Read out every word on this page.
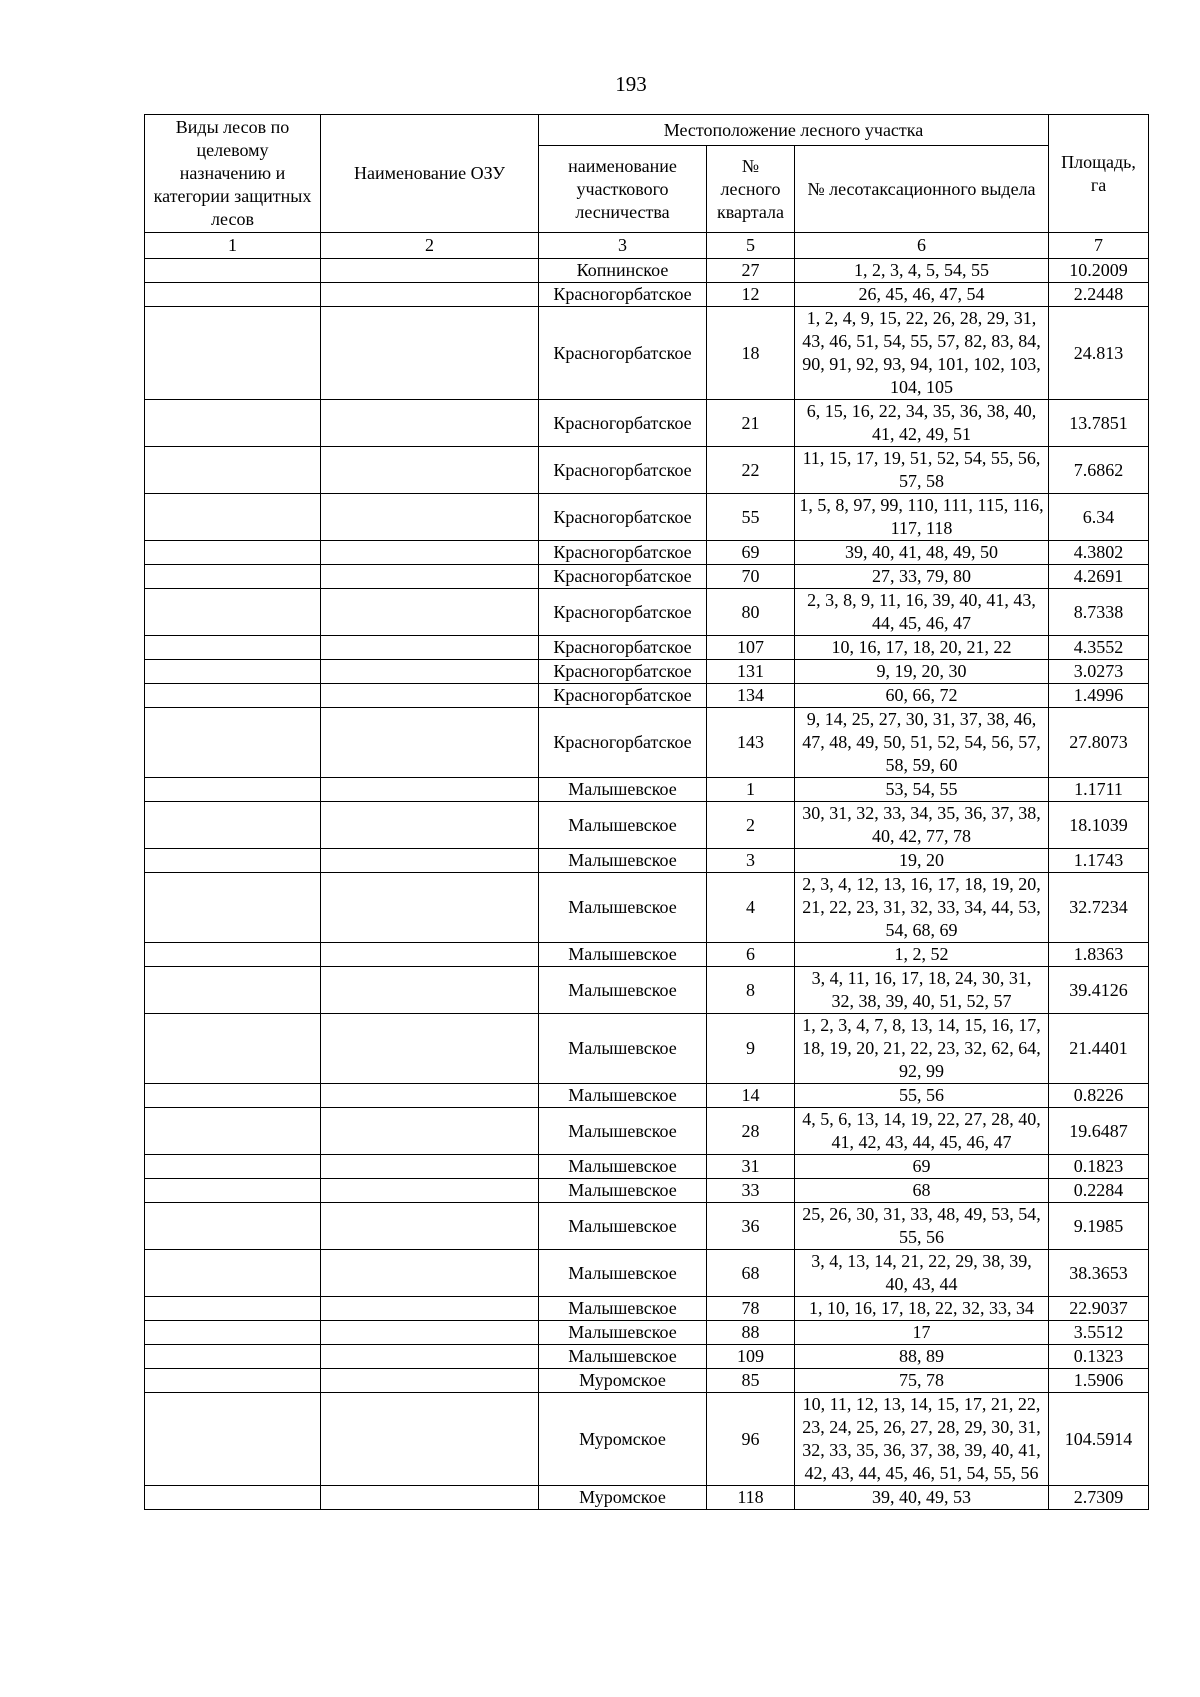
193
Виды лесов по целевому назначению и категории защитных лесов	Наименование ОЗУ	Местоположение лесного участка			Площадь, га
		наименование участкового лесничества	№ лесного квартала	№ лесотаксационного выдела	
1	2	3	5	6	7
		Копнинское	27	1, 2, 3, 4, 5, 54, 55	10.2009
		Красногорбатское	12	26, 45, 46, 47, 54	2.2448
		Красногорбатское	18	1, 2, 4, 9, 15, 22, 26, 28, 29, 31, 43, 46, 51, 54, 55, 57, 82, 83, 84, 90, 91, 92, 93, 94, 101, 102, 103, 104, 105	24.813
		Красногорбатское	21	6, 15, 16, 22, 34, 35, 36, 38, 40, 41, 42, 49, 51	13.7851
		Красногорбатское	22	11, 15, 17, 19, 51, 52, 54, 55, 56, 57, 58	7.6862
		Красногорбатское	55	1, 5, 8, 97, 99, 110, 111, 115, 116, 117, 118	6.34
		Красногорбатское	69	39, 40, 41, 48, 49, 50	4.3802
		Красногорбатское	70	27, 33, 79, 80	4.2691
		Красногорбатское	80	2, 3, 8, 9, 11, 16, 39, 40, 41, 43, 44, 45, 46, 47	8.7338
		Красногорбатское	107	10, 16, 17, 18, 20, 21, 22	4.3552
		Красногорбатское	131	9, 19, 20, 30	3.0273
		Красногорбатское	134	60, 66, 72	1.4996
		Красногорбатское	143	9, 14, 25, 27, 30, 31, 37, 38, 46, 47, 48, 49, 50, 51, 52, 54, 56, 57, 58, 59, 60	27.8073
		Малышевское	1	53, 54, 55	1.1711
		Малышевское	2	30, 31, 32, 33, 34, 35, 36, 37, 38, 40, 42, 77, 78	18.1039
		Малышевское	3	19, 20	1.1743
		Малышевское	4	2, 3, 4, 12, 13, 16, 17, 18, 19, 20, 21, 22, 23, 31, 32, 33, 34, 44, 53, 54, 68, 69	32.7234
		Малышевское	6	1, 2, 52	1.8363
		Малышевское	8	3, 4, 11, 16, 17, 18, 24, 30, 31, 32, 38, 39, 40, 51, 52, 57	39.4126
		Малышевское	9	1, 2, 3, 4, 7, 8, 13, 14, 15, 16, 17, 18, 19, 20, 21, 22, 23, 32, 62, 64, 92, 99	21.4401
		Малышевское	14	55, 56	0.8226
		Малышевское	28	4, 5, 6, 13, 14, 19, 22, 27, 28, 40, 41, 42, 43, 44, 45, 46, 47	19.6487
		Малышевское	31	69	0.1823
		Малышевское	33	68	0.2284
		Малышевское	36	25, 26, 30, 31, 33, 48, 49, 53, 54, 55, 56	9.1985
		Малышевское	68	3, 4, 13, 14, 21, 22, 29, 38, 39, 40, 43, 44	38.3653
		Малышевское	78	1, 10, 16, 17, 18, 22, 32, 33, 34	22.9037
		Малышевское	88	17	3.5512
		Малышевское	109	88, 89	0.1323
		Муромское	85	75, 78	1.5906
		Муромское	96	10, 11, 12, 13, 14, 15, 17, 21, 22, 23, 24, 25, 26, 27, 28, 29, 30, 31, 32, 33, 35, 36, 37, 38, 39, 40, 41, 42, 43, 44, 45, 46, 51, 54, 55, 56	104.5914
		Муромское	118	39, 40, 49, 53	2.7309
